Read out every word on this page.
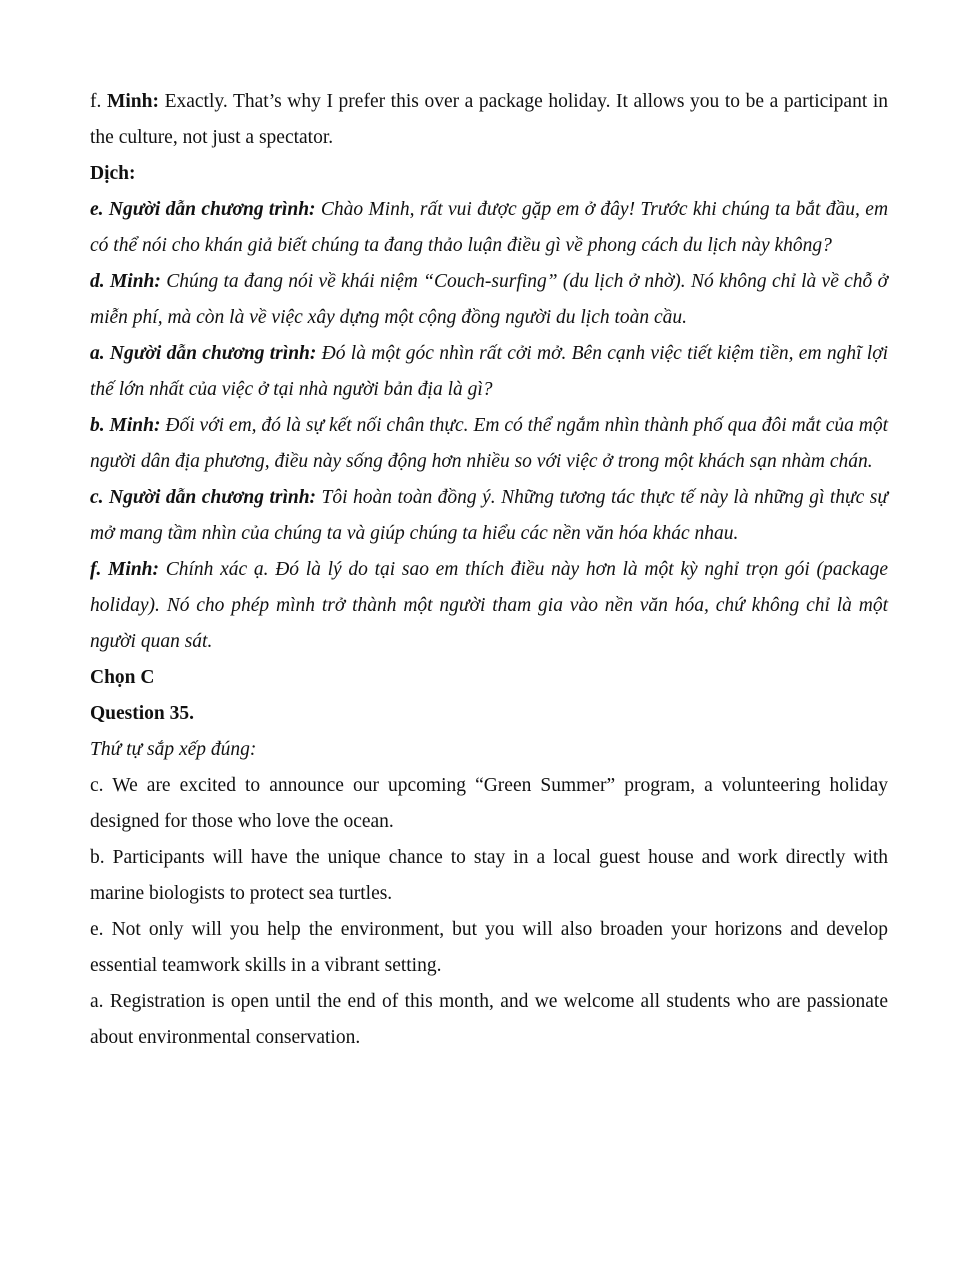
f. Minh: Exactly. That’s why I prefer this over a package holiday. It allows you to be a participant in the culture, not just a spectator.

Dịch:

e. Người dẫn chương trình: Chào Minh, rất vui được gặp em ở đây! Trước khi chúng ta bắt đầu, em có thể nói cho khán giả biết chúng ta đang thảo luận điều gì về phong cách du lịch này không?

d. Minh: Chúng ta đang nói về khái niệm “Couch-surfing” (du lịch ở nhờ). Nó không chỉ là về chỗ ở miễn phí, mà còn là về việc xây dựng một cộng đồng người du lịch toàn cầu.

a. Người dẫn chương trình: Đó là một góc nhìn rất cởi mở. Bên cạnh việc tiết kiệm tiền, em nghĩ lợi thế lớn nhất của việc ở tại nhà người bản địa là gì?

b. Minh: Đối với em, đó là sự kết nối chân thực. Em có thể ngắm nhìn thành phố qua đôi mắt của một người dân địa phương, điều này sống động hơn nhiều so với việc ở trong một khách sạn nhàm chán.

c. Người dẫn chương trình: Tôi hoàn toàn đồng ý. Những tương tác thực tế này là những gì thực sự mở mang tầm nhìn của chúng ta và giúp chúng ta hiểu các nền văn hóa khác nhau.

f. Minh: Chính xác ạ. Đó là lý do tại sao em thích điều này hơn là một kỳ nghỉ trọn gói (package holiday). Nó cho phép mình trở thành một người tham gia vào nền văn hóa, chứ không chỉ là một người quan sát.

Chọn C

Question 35.

Thứ tự sắp xếp đúng:

c. We are excited to announce our upcoming “Green Summer” program, a volunteering holiday designed for those who love the ocean.

b. Participants will have the unique chance to stay in a local guest house and work directly with marine biologists to protect sea turtles.

e. Not only will you help the environment, but you will also broaden your horizons and develop essential teamwork skills in a vibrant setting.

a. Registration is open until the end of this month, and we welcome all students who are passionate about environmental conservation.
